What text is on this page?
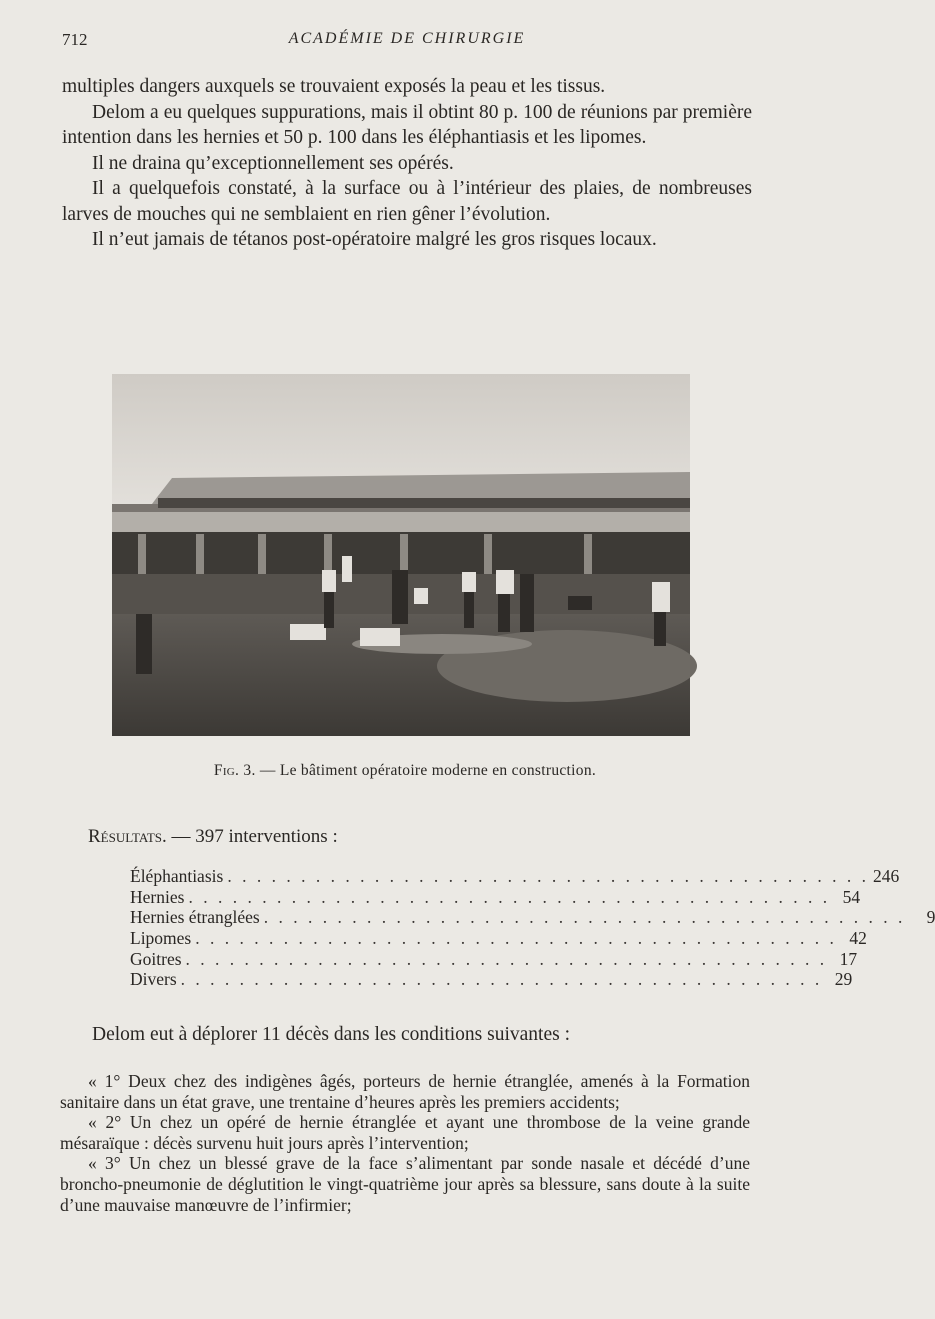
712	ACADÉMIE DE CHIRURGIE

multiples dangers auxquels se trouvaient exposés la peau et les tissus.

Delom a eu quelques suppurations, mais il obtint 80 p. 100 de réunions par première intention dans les hernies et 50 p. 100 dans les éléphantiasis et les lipomes.

Il ne draina qu’exceptionnellement ses opérés.

Il a quelquefois constaté, à la surface ou à l’intérieur des plaies, de nombreuses larves de mouches qui ne semblaient en rien gêner l’évolution.

Il n’eut jamais de tétanos post-opératoire malgré les gros risques locaux.

Fig. 3. — Le bâtiment opératoire moderne en construction.
Résultats. — 397 interventions :
Éléphantiasis . . . . . . . . . . . . . . . . . . . . . . . . . . . . . . . . . . . . . . . . . . . . 246
Hernies . . . . . . . . . . . . . . . . . . . . . . . . . . . . . . . . . . . . . . . . . . . . 54
Hernies étranglées . . . . . . . . . . . . . . . . . . . . . . . . . . . . . . . . . . . . . . . . . . . .	9
Lipomes . . . . . . . . . . . . . . . . . . . . . . . . . . . . . . . . . . . . . . . . . . . . 42
Goitres . . . . . . . . . . . . . . . . . . . . . . . . . . . . . . . . . . . . . . . . . . . . 17
Divers . . . . . . . . . . . . . . . . . . . . . . . . . . . . . . . . . . . . . . . . . . . . 29
Delom eut à déplorer 11 décès dans les conditions suivantes :

« 1° Deux chez des indigènes âgés, porteurs de hernie étranglée, amenés à la Formation sanitaire dans un état grave, une trentaine d’heures après les premiers accidents;

« 2° Un chez un opéré de hernie étranglée et ayant une thrombose de la veine grande mésaraïque : décès survenu huit jours après l’intervention;

« 3° Un chez un blessé grave de la face s’alimentant par sonde nasale et décédé d’une broncho-pneumonie de déglutition le vingt-quatrième jour après sa blessure, sans doute à la suite d’une mauvaise manœuvre de l’infirmier;
